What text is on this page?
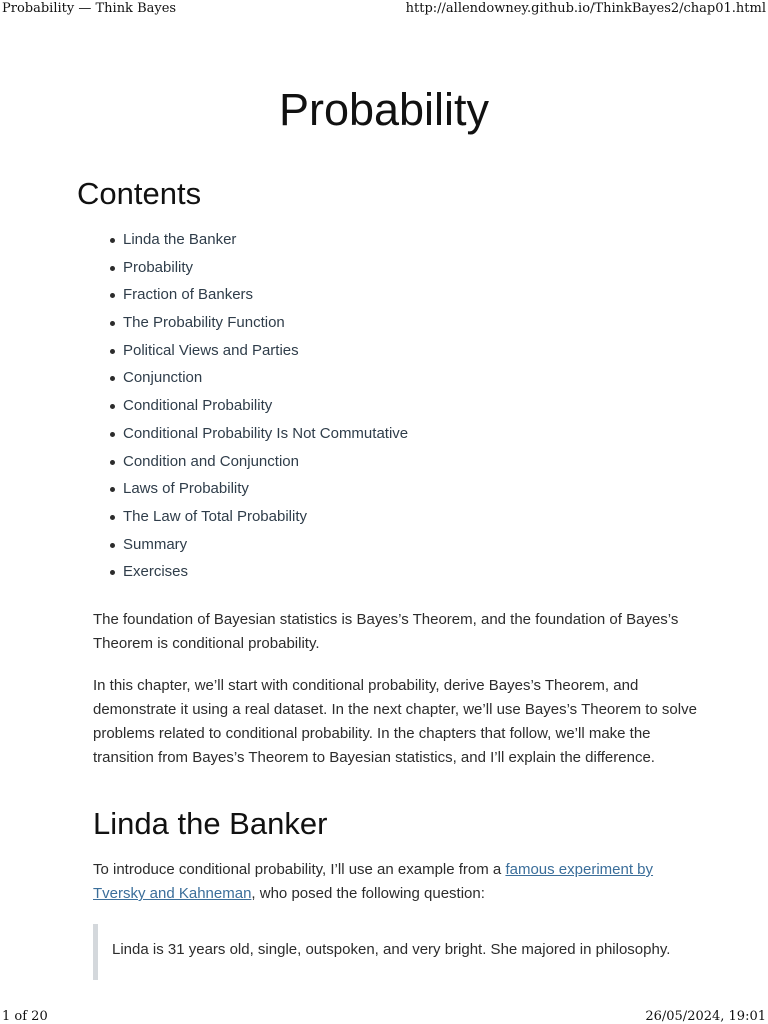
Probability — Think Bayes	http://allendowney.github.io/ThinkBayes2/chap01.html
Probability
Contents
Linda the Banker
Probability
Fraction of Bankers
The Probability Function
Political Views and Parties
Conjunction
Conditional Probability
Conditional Probability Is Not Commutative
Condition and Conjunction
Laws of Probability
The Law of Total Probability
Summary
Exercises

The foundation of Bayesian statistics is Bayes’s Theorem, and the foundation of Bayes’s Theorem is conditional probability.

In this chapter, we’ll start with conditional probability, derive Bayes’s Theorem, and demonstrate it using a real dataset. In the next chapter, we’ll use Bayes’s Theorem to solve problems related to conditional probability. In the chapters that follow, we’ll make the transition from Bayes’s Theorem to Bayesian statistics, and I’ll explain the difference.

Linda the Banker

To introduce conditional probability, I’ll use an example from a famous experiment by Tversky and Kahneman, who posed the following question:

Linda is 31 years old, single, outspoken, and very bright. She majored in philosophy.

1 of 20	26/05/2024, 19:01
